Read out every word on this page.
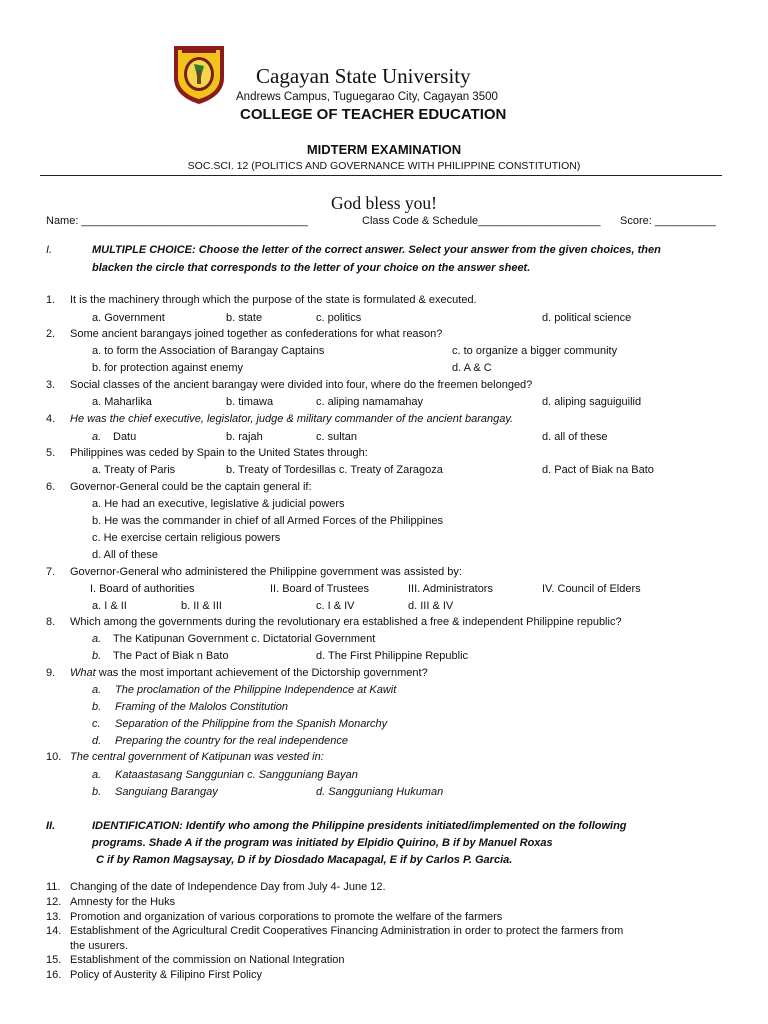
Cagayan State University
Andrews Campus, Tuguegarao City, Cagayan 3500
COLLEGE OF TEACHER EDUCATION
MIDTERM EXAMINATION
SOC.SCI. 12 (POLITICS AND GOVERNANCE WITH PHILIPPINE CONSTITUTION)
God bless you!
Name: _____________________________________	Class Code & Schedule____________________ Score: __________
I.	MULTIPLE CHOICE: Choose the letter of the correct answer. Select your answer from the given choices, then
blacken the circle that corresponds to the letter of your choice on the answer sheet.
1. It is the machinery through which the purpose of the state is formulated & executed.
a. Government	b. state	c. politics	d. political science
2. Some ancient barangays joined together as confederations for what reason?
a. to form the Association of Barangay Captains	c. to organize a bigger community
b. for protection against enemy	d. A & C
3. Social classes of the ancient barangay were divided into four, where do the freemen belonged?
a. Maharlika	b. timawa	c. aliping namamahay	d. aliping saguiguilid
4. He was the chief executive, legislator, judge & military commander of the ancient barangay.
a. Datu	b. rajah	c. sultan	d. all of these
5. Philippines was ceded by Spain to the United States through:
a. Treaty of Paris	b. Treaty of Tordesillas c. Treaty of Zaragoza	d. Pact of Biak na Bato
6. Governor-General could be the captain general if:
a. He had an executive, legislative & judicial powers
b. He was the commander in chief of all Armed Forces of the Philippines
c. He exercise certain religious powers
d. All of these
7. Governor-General who administered the Philippine government was assisted by:
I. Board of authorities	II. Board of Trustees	III. Administrators	IV. Council of Elders
a. I & II	b. II & III	c. I & IV	d. III & IV
8. Which among the governments during the revolutionary era established a free & independent Philippine republic?
a. The Katipunan Government c. Dictatorial Government
b. The Pact of Biak n Bato	d. The First Philippine Republic
9. What was the most important achievement of the Dictorship government?
a. The proclamation of the Philippine Independence at Kawit
b. Framing of the Malolos Constitution
c. Separation of the Philippine from the Spanish Monarchy
d. Preparing the country for the real independence
10. The central government of Katipunan was vested in:
a. Kataastasang Sanggunian c. Sangguniang Bayan
b. Sanguiang Barangay	d. Sangguniang Hukuman
II.	IDENTIFICATION: Identify who among the Philippine presidents initiated/implemented on the following
programs. Shade A if the program was initiated by Elpidio Quirino, B if by Manuel Roxas
C if by Ramon Magsaysay, D if by Diosdado Macapagal, E if by Carlos P. Garcia.
11. Changing of the date of Independence Day from July 4- June 12.
12. Amnesty for the Huks
13. Promotion and organization of various corporations to promote the welfare of the farmers
14. Establishment of the Agricultural Credit Cooperatives Financing Administration in order to protect the farmers from
the usurers.
15. Establishment of the commission on National Integration
16. Policy of Austerity & Filipino First Policy
